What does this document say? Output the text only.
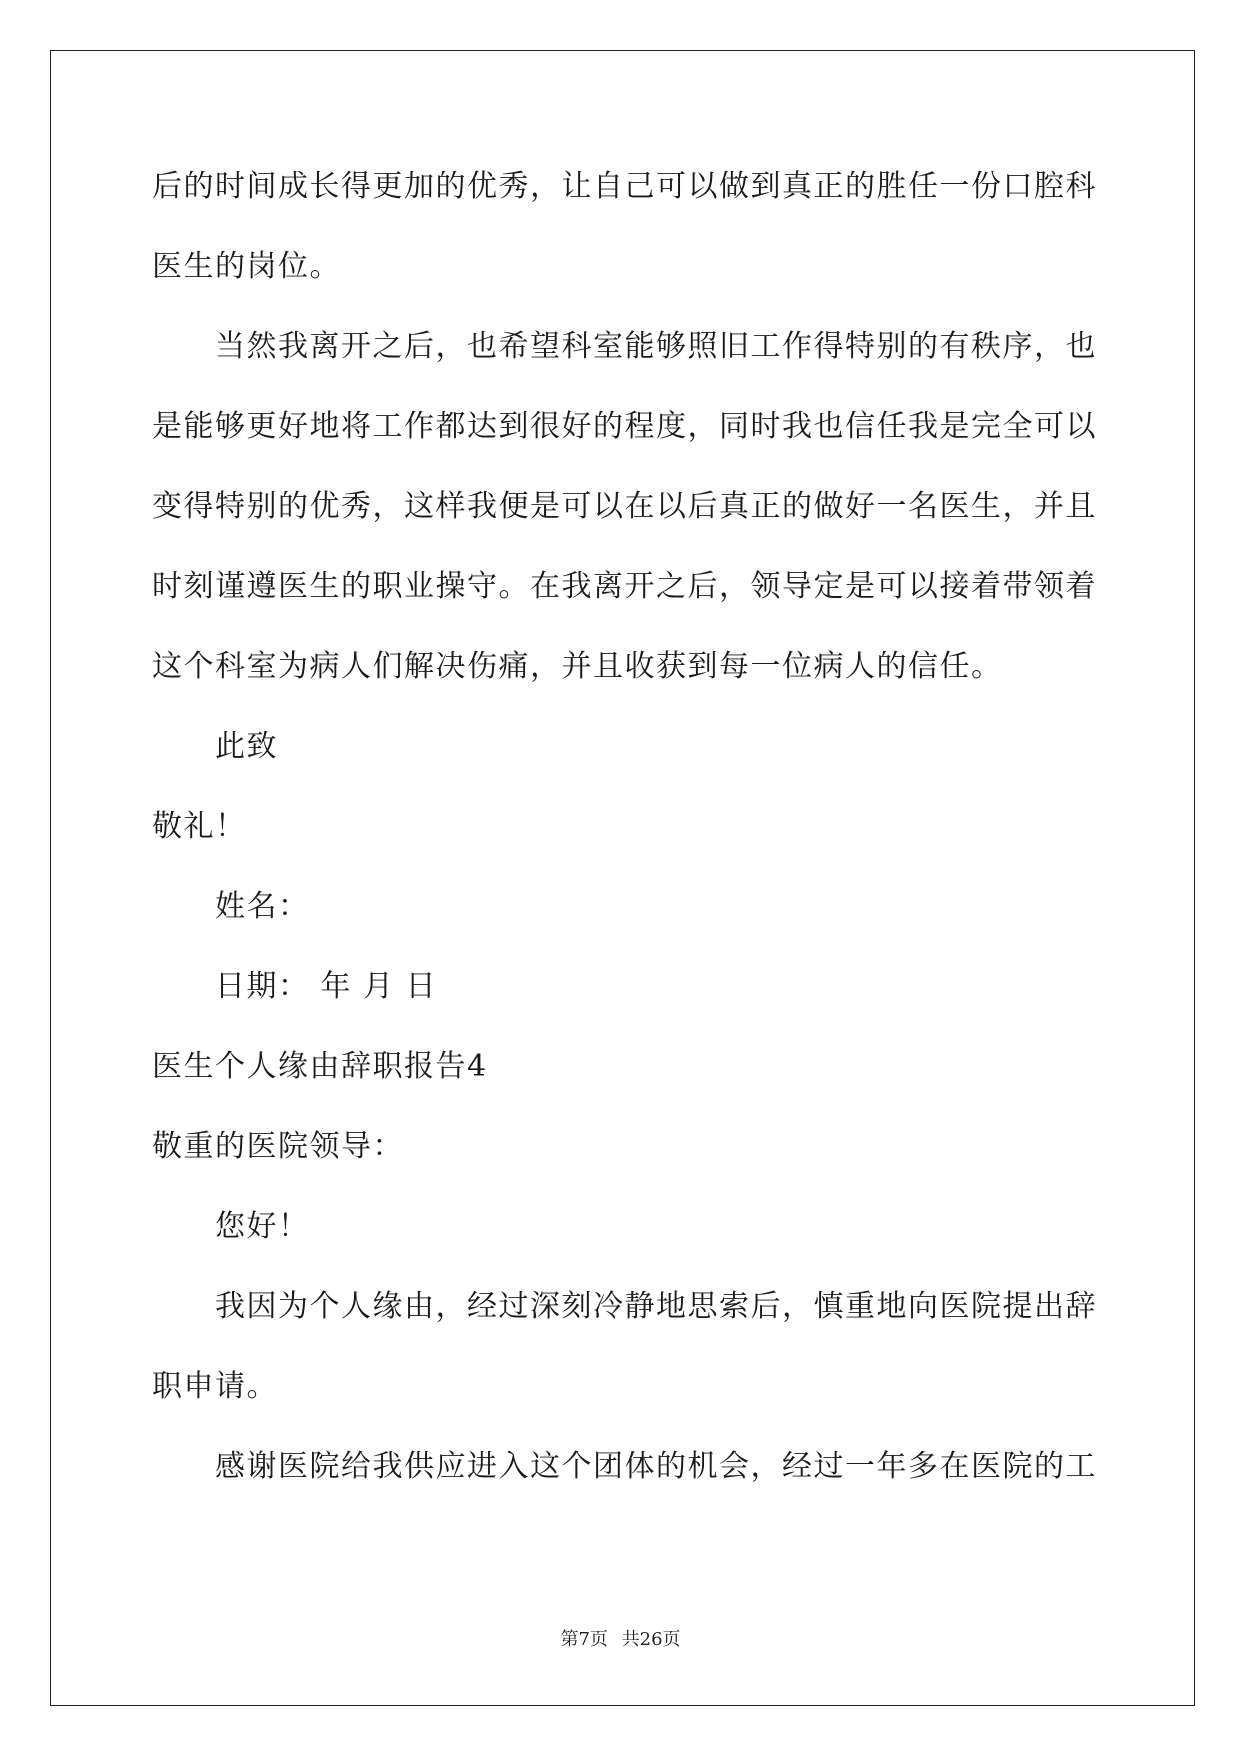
后的时间成长得更加的优秀，让自己可以做到真正的胜任一份口腔科
医生的岗位。
当然我离开之后，也希望科室能够照旧工作得特别的有秩序，也
是能够更好地将工作都达到很好的程度，同时我也信任我是完全可以
变得特别的优秀，这样我便是可以在以后真正的做好一名医生，并且
时刻谨遵医生的职业操守。在我离开之后，领导定是可以接着带领着
这个科室为病人们解决伤痛，并且收获到每一位病人的信任。
此致
敬礼！
姓名：
日期： 年 月 日
医生个人缘由辞职报告4
敬重的医院领导：
您好！
我因为个人缘由，经过深刻冷静地思索后，慎重地向医院提出辞
职申请。
感谢医院给我供应进入这个团体的机会，经过一年多在医院的工
第7页 共26页
